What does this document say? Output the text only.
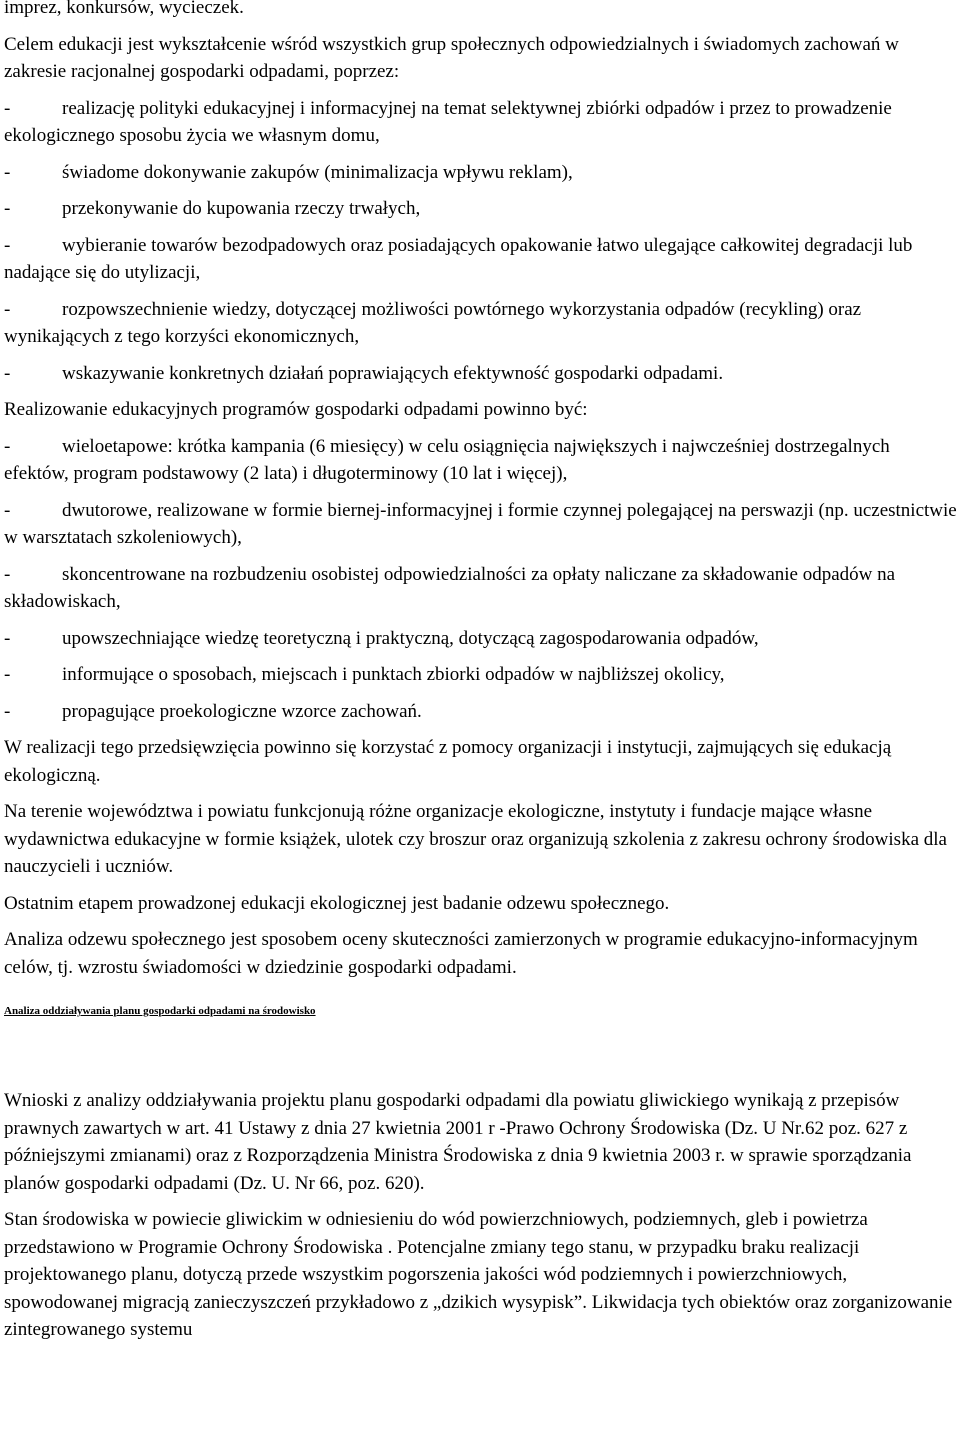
imprez, konkursów, wycieczek.

Celem edukacji jest wykształcenie wśród wszystkich grup społecznych odpowiedzialnych i świadomych zachowań w zakresie racjonalnej gospodarki odpadami, poprzez:

-	realizację polityki edukacyjnej i informacyjnej na temat selektywnej zbiórki odpadów i przez to prowadzenie ekologicznego sposobu życia we własnym domu,
-	świadome dokonywanie zakupów (minimalizacja wpływu reklam),
-	przekonywanie do kupowania rzeczy trwałych,
-	wybieranie towarów bezodpadowych oraz posiadających opakowanie łatwo ulegające całkowitej degradacji lub nadające się do utylizacji,
-	rozpowszechnienie wiedzy, dotyczącej możliwości powtórnego wykorzystania odpadów (recykling) oraz wynikających z tego korzyści ekonomicznych,
-	wskazywanie konkretnych działań poprawiających efektywność gospodarki odpadami.

Realizowanie edukacyjnych programów gospodarki odpadami powinno być:

-	wieloetapowe: krótka kampania (6 miesięcy) w celu osiągnięcia największych i najwcześniej dostrzegalnych efektów, program podstawowy (2 lata) i długoterminowy (10 lat i więcej),
-	dwutorowe, realizowane w formie biernej-informacyjnej i formie czynnej polegającej na perswazji (np. uczestnictwie w warsztatach szkoleniowych),
-	skoncentrowane na rozbudzeniu osobistej odpowiedzialności za opłaty naliczane za składowanie odpadów na składowiskach,
-	upowszechniające wiedzę teoretyczną i praktyczną, dotyczącą zagospodarowania odpadów,
-	informujące o sposobach, miejscach i punktach zbiorki odpadów w najbliższej okolicy,
-	propagujące proekologiczne wzorce zachowań.

W realizacji tego przedsięwzięcia powinno się korzystać z pomocy organizacji i instytucji, zajmujących się edukacją ekologiczną.

Na terenie województwa i powiatu funkcjonują różne organizacje ekologiczne, instytuty i fundacje mające własne wydawnictwa edukacyjne w formie książek, ulotek czy broszur oraz organizują szkolenia z zakresu ochrony środowiska dla nauczycieli i uczniów.

Ostatnim etapem prowadzonej edukacji ekologicznej jest badanie odzewu społecznego.

Analiza odzewu społecznego jest sposobem oceny skuteczności zamierzonych w programie edukacyjno-informacyjnym celów, tj. wzrostu świadomości w dziedzinie gospodarki odpadami.

Analiza oddziaływania planu gospodarki odpadami na środowisko

Wnioski z analizy oddziaływania projektu planu gospodarki odpadami dla powiatu gliwickiego wynikają z przepisów prawnych zawartych w art. 41 Ustawy z dnia 27 kwietnia 2001 r -Prawo Ochrony Środowiska (Dz. U Nr.62 poz. 627 z późniejszymi zmianami) oraz z Rozporządzenia Ministra Środowiska z dnia 9 kwietnia 2003 r. w sprawie sporządzania planów gospodarki odpadami (Dz. U. Nr 66, poz. 620).

Stan środowiska w powiecie gliwickim w odniesieniu do wód powierzchniowych, podziemnych, gleb i powietrza przedstawiono w Programie Ochrony Środowiska . Potencjalne zmiany tego stanu, w przypadku braku realizacji projektowanego planu, dotyczą przede wszystkim pogorszenia jakości wód podziemnych i powierzchniowych, spowodowanej migracją zanieczyszczeń przykładowo z „dzikich wysypisk”. Likwidacja tych obiektów oraz zorganizowanie zintegrowanego systemu
